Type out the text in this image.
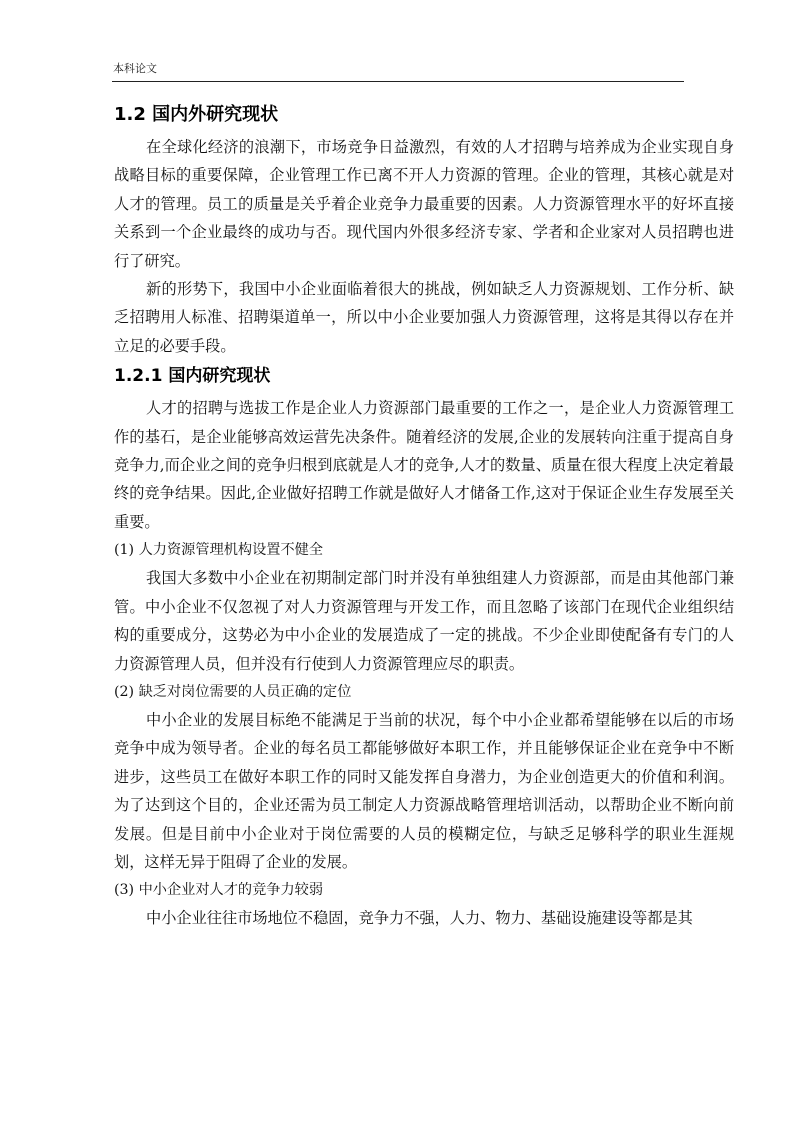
本科论文
1.2 国内外研究现状

在全球化经济的浪潮下，市场竞争日益激烈，有效的人才招聘与培养成为企业实现自身战略目标的重要保障，企业管理工作已离不开人力资源的管理。企业的管理，其核心就是对人才的管理。员工的质量是关乎着企业竞争力最重要的因素。人力资源管理水平的好坏直接关系到一个企业最终的成功与否。现代国内外很多经济专家、学者和企业家对人员招聘也进行了研究。

新的形势下，我国中小企业面临着很大的挑战，例如缺乏人力资源规划、工作分析、缺乏招聘用人标准、招聘渠道单一，所以中小企业要加强人力资源管理，这将是其得以存在并立足的必要手段。

1.2.1 国内研究现状

人才的招聘与选拔工作是企业人力资源部门最重要的工作之一，是企业人力资源管理工作的基石，是企业能够高效运营先决条件。随着经济的发展,企业的发展转向注重于提高自身竞争力,而企业之间的竞争归根到底就是人才的竞争,人才的数量、质量在很大程度上决定着最终的竞争结果。因此,企业做好招聘工作就是做好人才储备工作,这对于保证企业生存发展至关重要。

(1) 人力资源管理机构设置不健全

我国大多数中小企业在初期制定部门时并没有单独组建人力资源部，而是由其他部门兼管。中小企业不仅忽视了对人力资源管理与开发工作，而且忽略了该部门在现代企业组织结构的重要成分，这势必为中小企业的发展造成了一定的挑战。不少企业即使配备有专门的人力资源管理人员，但并没有行使到人力资源管理应尽的职责。

(2) 缺乏对岗位需要的人员正确的定位

中小企业的发展目标绝不能满足于当前的状况，每个中小企业都希望能够在以后的市场竞争中成为领导者。企业的每名员工都能够做好本职工作，并且能够保证企业在竞争中不断进步，这些员工在做好本职工作的同时又能发挥自身潜力，为企业创造更大的价值和利润。为了达到这个目的，企业还需为员工制定人力资源战略管理培训活动，以帮助企业不断向前发展。但是目前中小企业对于岗位需要的人员的模糊定位，与缺乏足够科学的职业生涯规划，这样无异于阻碍了企业的发展。

(3) 中小企业对人才的竞争力较弱

中小企业往往市场地位不稳固，竞争力不强，人力、物力、基础设施建设等都是其
